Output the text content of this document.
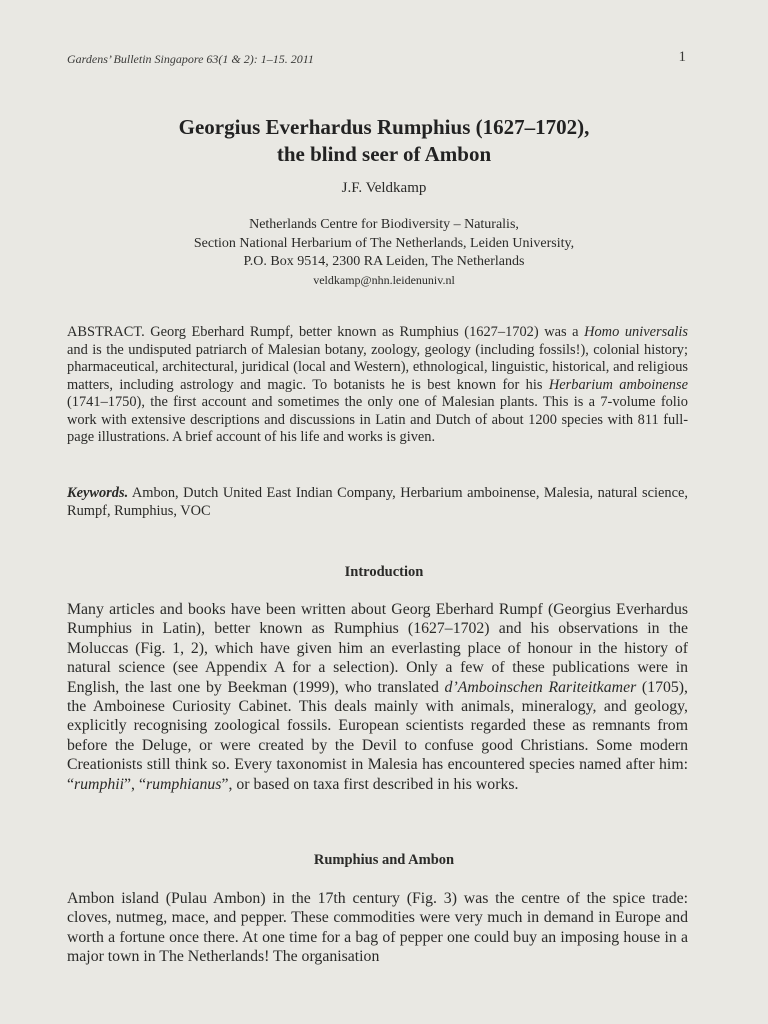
Gardens’ Bulletin Singapore 63(1 & 2): 1–15. 2011	1
Georgius Everhardus Rumphius (1627–1702),
the blind seer of Ambon
J.F. Veldkamp
Netherlands Centre for Biodiversity – Naturalis,
Section National Herbarium of The Netherlands, Leiden University,
P.O. Box 9514, 2300 RA Leiden, The Netherlands
veldkamp@nhn.leidenuniv.nl

ABSTRACT. Georg Eberhard Rumpf, better known as Rumphius (1627–1702) was a Homo universalis and is the undisputed patriarch of Malesian botany, zoology, geology (including fossils!), colonial history; pharmaceutical, architectural, juridical (local and Western), ethnological, linguistic, historical, and religious matters, including astrology and magic. To botanists he is best known for his Herbarium amboinense (1741–1750), the first account and sometimes the only one of Malesian plants. This is a 7-volume folio work with extensive descriptions and discussions in Latin and Dutch of about 1200 species with 811 full-page illustrations. A brief account of his life and works is given.

Keywords. Ambon, Dutch United East Indian Company, Herbarium amboinense, Malesia, natural science, Rumpf, Rumphius, VOC

Introduction

Many articles and books have been written about Georg Eberhard Rumpf (Georgius Everhardus Rumphius in Latin), better known as Rumphius (1627–1702) and his observations in the Moluccas (Fig. 1, 2), which have given him an everlasting place of honour in the history of natural science (see Appendix A for a selection). Only a few of these publications were in English, the last one by Beekman (1999), who translated d’Amboinschen Rariteitkamer (1705), the Amboinese Curiosity Cabinet. This deals mainly with animals, mineralogy, and geology, explicitly recognising zoological fossils. European scientists regarded these as remnants from before the Deluge, or were created by the Devil to confuse good Christians. Some modern Creationists still think so. Every taxonomist in Malesia has encountered species named after him: “rumphii”, “rumphianus”, or based on taxa first described in his works.

Rumphius and Ambon

Ambon island (Pulau Ambon) in the 17th century (Fig. 3) was the centre of the spice trade: cloves, nutmeg, mace, and pepper. These commodities were very much in demand in Europe and worth a fortune once there. At one time for a bag of pepper one could buy an imposing house in a major town in The Netherlands! The organisation
